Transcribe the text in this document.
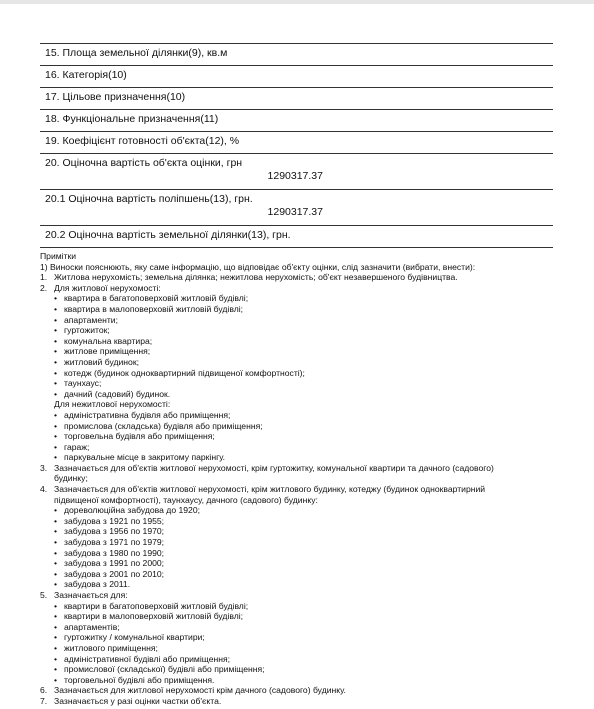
15. Площа земельної ділянки(9), кв.м
16. Категорія(10)
17. Цільове призначення(10)
18. Функціональне призначення(11)
19. Коефіцієнт готовності об'єкта(12), %
20. Оціночна вартість об'єкта оцінки, грн
1290317.37
20.1 Оціночна вартість поліпшень(13), грн.
1290317.37
20.2 Оціночна вартість земельної ділянки(13), грн.
Примітки
1) Виноски пояснюють, яку саме інформацію, що відповідає об'єкту оцінки, слід зазначити (вибрати, внести):
1. Житлова нерухомість; земельна ділянка; нежитлова нерухомість; об'єкт незавершеного будівництва.
2. Для житлової нерухомості:
• квартира в багатоповерховій житловій будівлі;
• квартира в малоповерховій житловій будівлі;
• апартаменти;
• гуртожиток;
• комунальна квартира;
• житлове приміщення;
• житловий будинок;
• котедж (будинок одноквартирний підвищеної комфортності);
• таунхаус;
• дачний (садовий) будинок.
Для нежитлової нерухомості:
• адміністративна будівля або приміщення;
• промислова (складська) будівля або приміщення;
• торговельна будівля або приміщення;
• гараж;
• паркувальне місце в закритому паркінгу.
3. Зазначається для об'єктів житлової нерухомості, крім гуртожитку, комунальної квартири та дачного (садового)
будинку;
4. Зазначається для об'єктів житлової нерухомості, крім житлового будинку, котеджу (будинок одноквартирний
підвищеної комфортності), таунхаусу, дачного (садового) будинку:
• дореволюційна забудова до 1920;
• забудова з 1921 по 1955;
• забудова з 1956 по 1970;
• забудова з 1971 по 1979;
• забудова з 1980 по 1990;
• забудова з 1991 по 2000;
• забудова з 2001 по 2010;
• забудова з 2011.
5. Зазначається для:
• квартири в багатоповерховій житловій будівлі;
• квартири в малоповерховій житловій будівлі;
• апартаментів;
• гуртожитку / комунальної квартири;
• житлового приміщення;
• адміністративної будівлі або приміщення;
• промислової (складської) будівлі або приміщення;
• торговельної будівлі або приміщення.
6. Зазначається для житлової нерухомості крім дачного (садового) будинку.
7. Зазначається у разі оцінки частки об'єкта.
